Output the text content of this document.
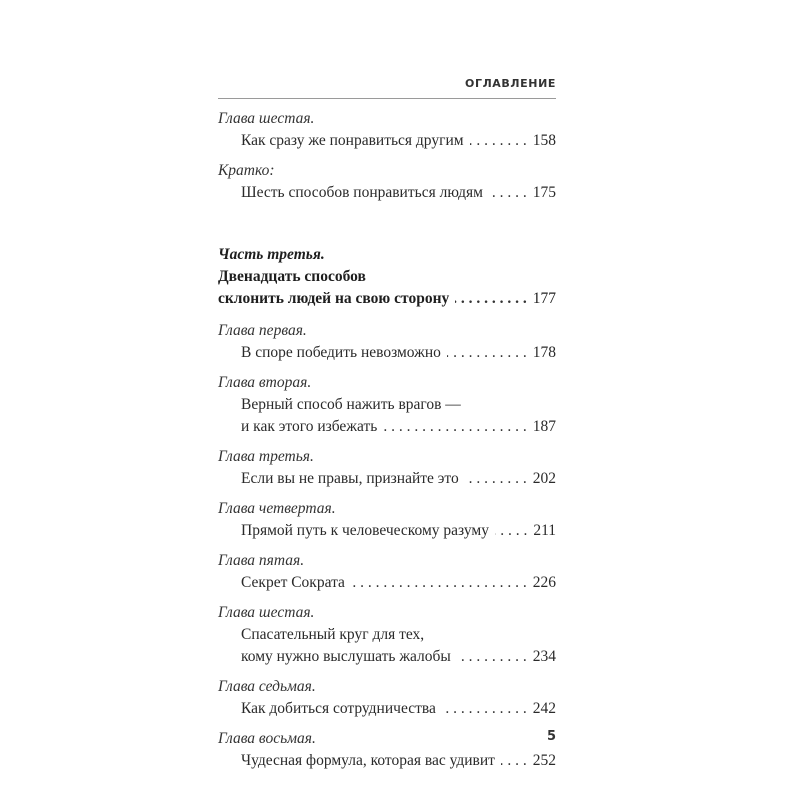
ОГЛАВЛЕНИЕ
Глава шестая.
Как сразу же понравиться другим . . .	158
Кратко:
Шесть способов понравиться людям . . .	175
Часть третья.
Двенадцать способов
склонить людей на свою сторону . . .	177
Глава первая.
В споре победить невозможно . . .	178
Глава вторая.
Верный способ нажить врагов —
и как этого избежать . . .	187
Глава третья.
Если вы не правы, признайте это . . .	202
Глава четвертая.
Прямой путь к человеческому разуму . . .	211
Глава пятая.
Секрет Сократа . . .	226
Глава шестая.
Спасательный круг для тех,
кому нужно выслушать жалобы . . .	234
Глава седьмая.
Как добиться сотрудничества . . .	242
Глава восьмая.
Чудесная формула, которая вас удивит . . . 252
5
